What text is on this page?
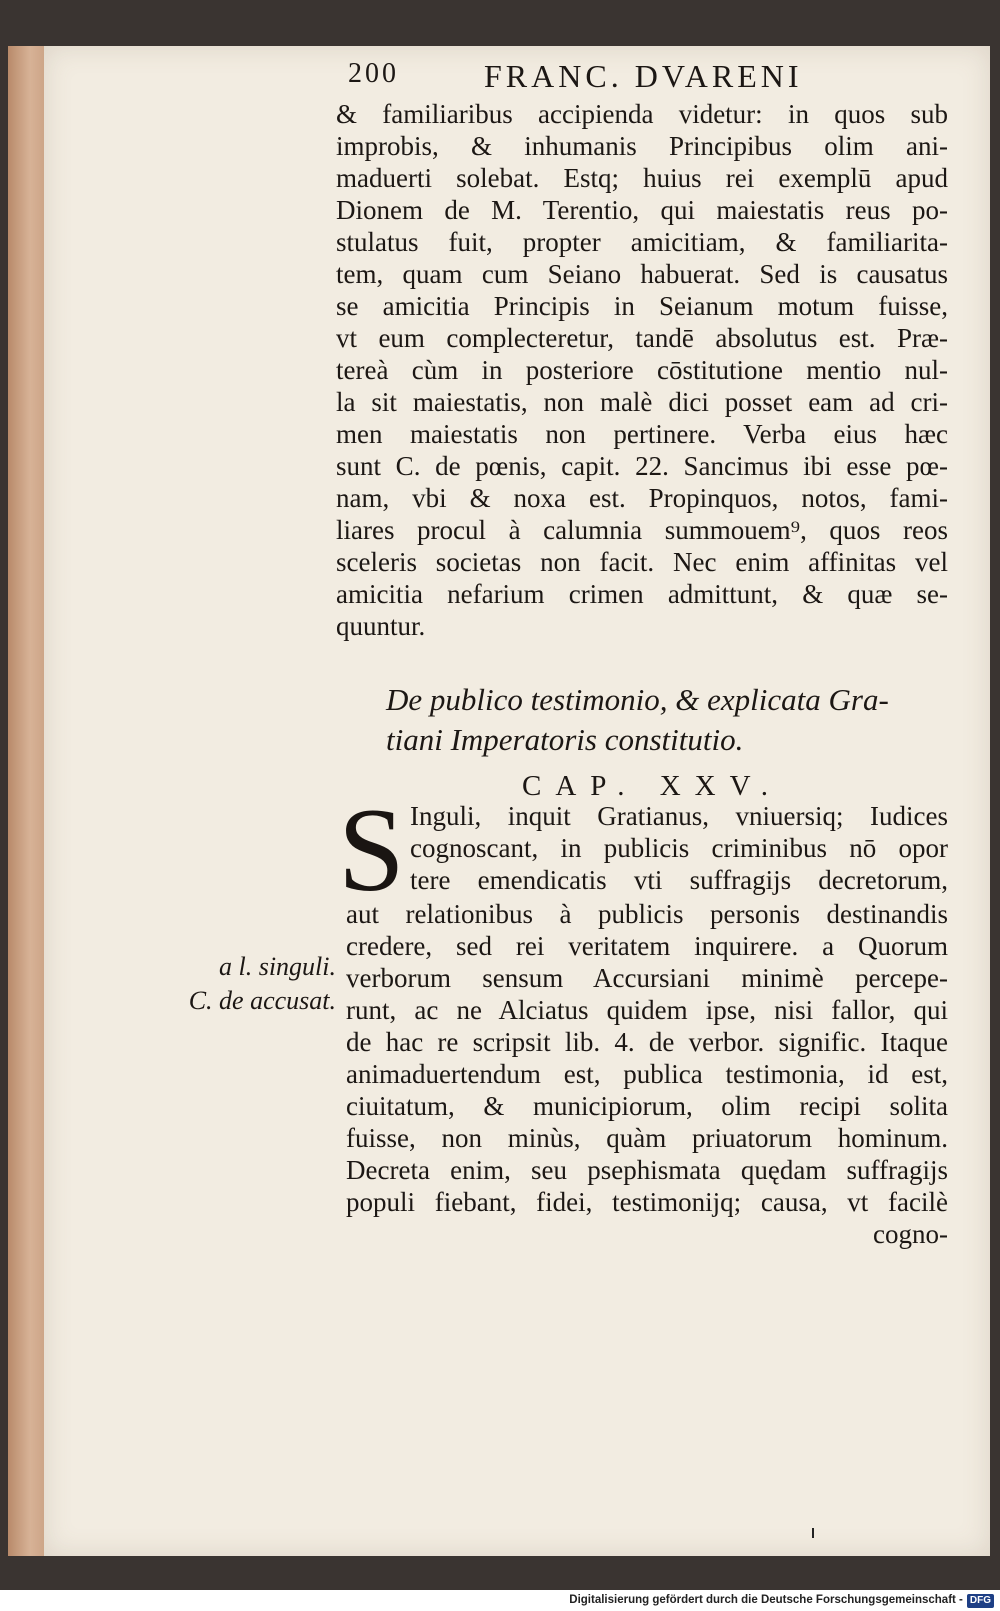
200	FRANC. DVARENI
& familiaribus accipienda videtur: in quos sub
improbis, & inhumanis Principibus olim ani-
maduerti solebat. Estq; huius rei exemplū apud
Dionem de M. Terentio, qui maiestatis reus po-
stulatus fuit, propter amicitiam, & familiarita-
tem, quam cum Seiano habuerat. Sed is causatus
se amicitia Principis in Seianum motum fuisse,
vt eum complecteretur, tandē absolutus est. Præ-
tereà cùm in posteriore cōstitutione mentio nul-
la sit maiestatis, non malè dici posset eam ad cri-
men maiestatis non pertinere. Verba eius hæc
sunt C. de pœnis, capit. 22. Sancimus ibi esse pœ-
nam, vbi & noxa est. Propinquos, notos, fami-
liares procul à calumnia summouem⁹, quos reos
sceleris societas non facit. Nec enim affinitas vel
amicitia nefarium crimen admittunt, & quæ se-
quuntur.
De publico testimonio, & explicata Gra-
tiani Imperatoris constitutio.
CAP. XXV.
S Inguli, inquit Gratianus, vniuersiq; Iudices
cognoscant, in publicis criminibus nō opor
tere emendicatis vti suffragijs decretorum,
aut relationibus à publicis personis destinandis
credere, sed rei veritatem inquirere. a Quorum
verborum sensum Accursiani minimè percepe-
runt, ac ne Alciatus quidem ipse, nisi fallor, qui
de hac re scripsit lib. 4. de verbor. signific. Itaque
animaduertendum est, publica testimonia, id est,
ciuitatum, & municipiorum, olim recipi solita
fuisse, non minùs, quàm priuatorum hominum.
Decreta enim, seu psephismata quędam suffragijs
populi fiebant, fidei, testimonijq; causa, vt facilè
cogno-
a l. singuli.
C. de accusat.
Digitalisierung gefördert durch die Deutsche Forschungsgemeinschaft - DFG
